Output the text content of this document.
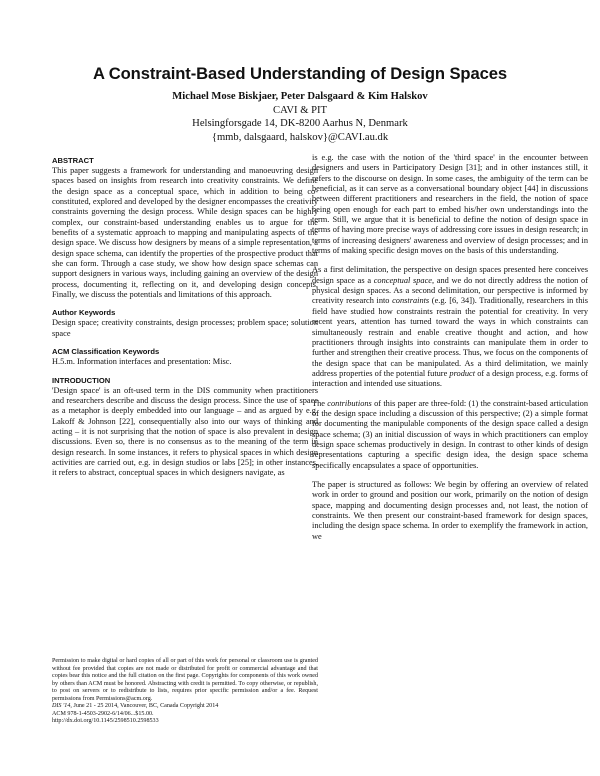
A Constraint-Based Understanding of Design Spaces
Michael Mose Biskjaer, Peter Dalsgaard & Kim Halskov
CAVI & PIT
Helsingforsgade 14, DK-8200 Aarhus N, Denmark
{mmb, dalsgaard, halskov}@CAVI.au.dk

ABSTRACT

This paper suggests a framework for understanding and manoeuvring design spaces based on insights from research into creativity constraints. We define the design space as a conceptual space, which in addition to being co-constituted, explored and developed by the designer encompasses the creativity constraints governing the design process. While design spaces can be highly complex, our constraint-based understanding enables us to argue for the benefits of a systematic approach to mapping and manipulating aspects of the design space. We discuss how designers by means of a simple representation, a design space schema, can identify the properties of the prospective product that she can form. Through a case study, we show how design space schemas can support designers in various ways, including gaining an overview of the design process, documenting it, reflecting on it, and developing design concepts. Finally, we discuss the potentials and limitations of this approach.

Author Keywords

Design space; creativity constraints, design processes; problem space; solution space

ACM Classification Keywords

H.5.m. Information interfaces and presentation: Misc.

INTRODUCTION

'Design space' is an oft-used term in the DIS community when practitioners and researchers describe and discuss the design process. Since the use of space as a metaphor is deeply embedded into our language – and as argued by e.g. Lakoff & Johnson [22], consequentially also into our ways of thinking and acting – it is not surprising that the notion of space is also prevalent in design discussions. Even so, there is no consensus as to the meaning of the term in design research. In some instances, it refers to physical spaces in which design activities are carried out, e.g. in design studios or labs [25]; in other instances, it refers to abstract, conceptual spaces in which designers navigate, as

Permission to make digital or hard copies of all or part of this work for personal or classroom use is granted without fee provided that copies are not made or distributed for profit or commercial advantage and that copies bear this notice and the full citation on the first page. Copyrights for components of this work owned by others than ACM must be honored. Abstracting with credit is permitted. To copy otherwise, or republish, to post on servers or to redistribute to lists, requires prior specific permission and/or a fee. Request permissions from Permissions@acm.org.
DIS '14, June 21 - 25 2014, Vancouver, BC, Canada Copyright 2014
ACM 978-1-4503-2902-6/14/06...$15.00.
http://dx.doi.org/10.1145/2598510.2598533

is e.g. the case with the notion of the 'third space' in the encounter between designers and users in Participatory Design [31]; and in other instances still, it refers to the discourse on design. In some cases, the ambiguity of the term can be beneficial, as it can serve as a conversational boundary object [44] in discussions between different practitioners and researchers in the field, the notion of space being open enough for each part to embed his/her own understandings into the term. Still, we argue that it is beneficial to define the notion of design space in terms of having more precise ways of addressing core issues in design research; in terms of increasing designers' awareness and overview of design processes; and in terms of making specific design moves on the basis of this understanding.

As a first delimitation, the perspective on design spaces presented here conceives design space as a conceptual space, and we do not directly address the notion of physical design spaces. As a second delimitation, our perspective is informed by creativity research into constraints (e.g. [6, 34]). Traditionally, researchers in this field have studied how constraints restrain the potential for creativity. In very recent years, attention has turned toward the ways in which constraints can simultaneously restrain and enable creative thought and action, and how practitioners through insights into constraints can manipulate them in order to further and strengthen their creative process. Thus, we focus on the components of the design space that can be manipulated. As a third delimitation, we mainly address properties of the potential future product of a design process, e.g. forms of interaction and intended use situations.

The contributions of this paper are three-fold: (1) the constraint-based articulation of the design space including a discussion of this perspective; (2) a simple format for documenting the manipulable components of the design space called a design space schema; (3) an initial discussion of ways in which practitioners can employ design space schemas productively in design. In contrast to other kinds of design representations capturing a specific design idea, the design space schema specifically encapsulates a space of opportunities.

The paper is structured as follows: We begin by offering an overview of related work in order to ground and position our work, primarily on the notion of design space, mapping and documenting design processes and, not least, the notion of constraints. We then present our constraint-based framework for design spaces, including the design space schema. In order to exemplify the framework in action, we
